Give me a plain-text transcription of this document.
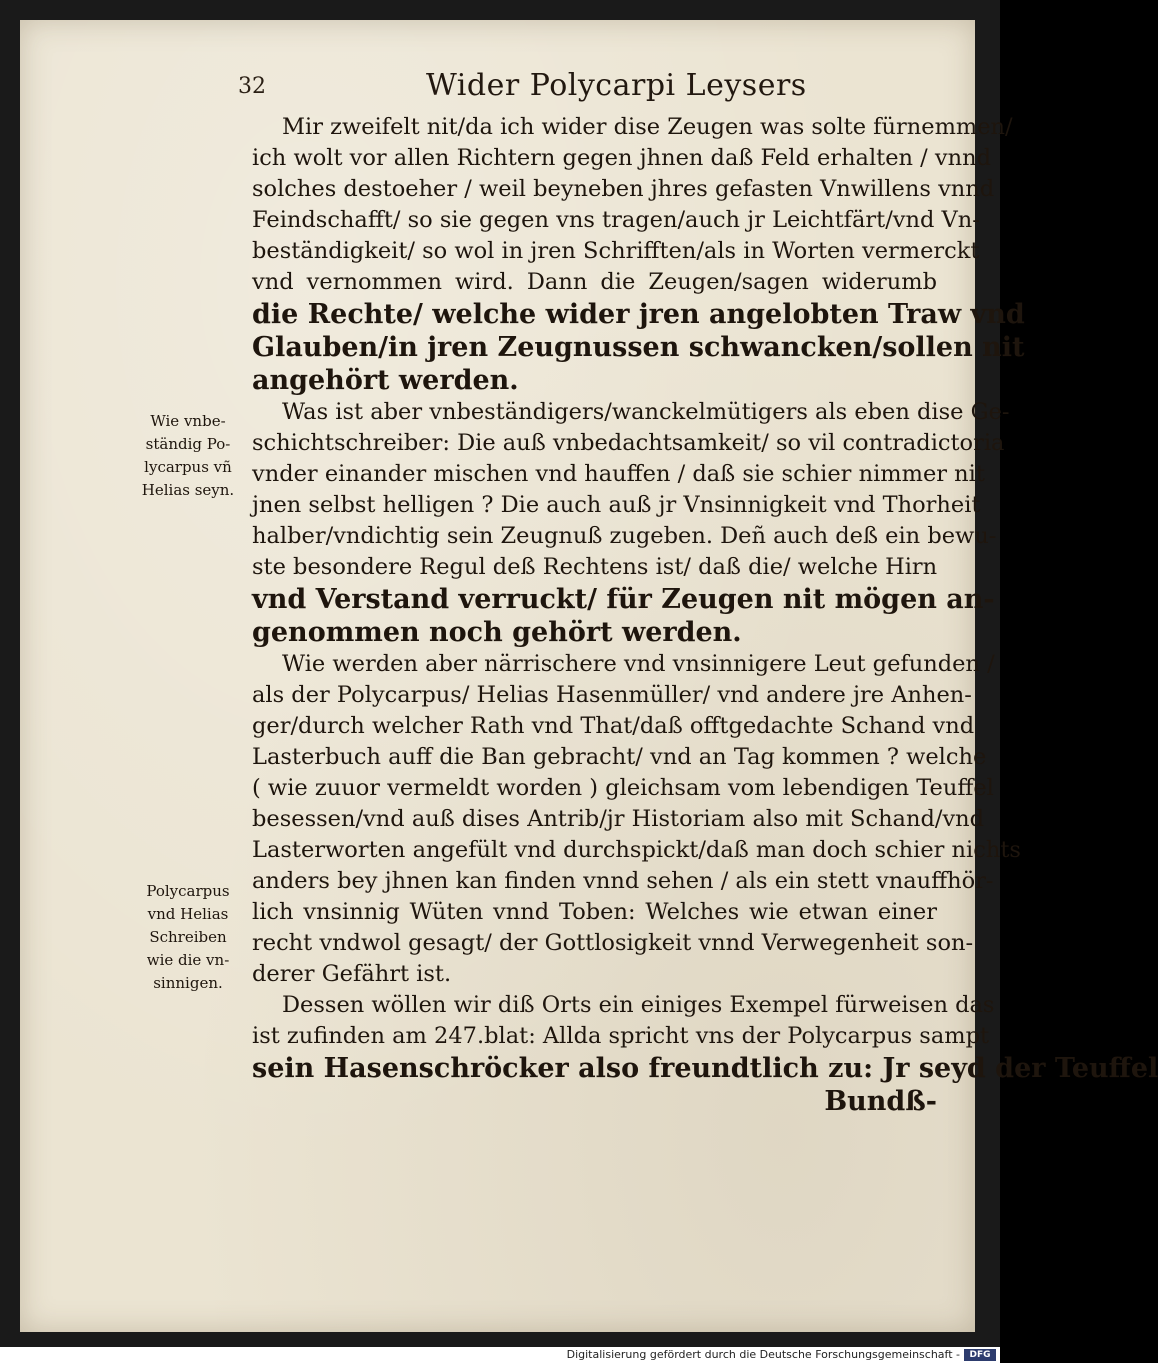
32	Wider Polycarpi Leysers
Mir zweifelt nit/da ich wider dise Zeugen was solte fürnemmen/
ich wolt vor allen Richtern gegen jhnen daß Feld erhalten / vnnd
solches destoeher / weil beyneben jhres gefasten Vnwillens vnnd
Feindschafft/ so sie gegen vns tragen/auch jr Leichtfärt/vnd Vn-
beständigkeit/ so wol in jren Schrifften/als in Worten vermerckt
vnd vernommen wird. Dann die Zeugen/sagen widerumb
die Rechte/ welche wider jren angelobten Traw vnd
Glauben/in jren Zeugnussen schwancken/sollen nit
angehört werden.
Was ist aber vnbeständigers/wanckelmütigers als eben dise Ge-
schichtschreiber: Die auß vnbedachtsamkeit/ so vil contradictoria
vnder einander mischen vnd hauffen / daß sie schier nimmer nit
jnen selbst helligen ? Die auch auß jr Vnsinnigkeit vnd Thorheit
halber/vndichtig sein Zeugnuß zugeben. Deñ auch deß ein bewu-
ste besondere Regul deß Rechtens ist/ daß die/ welche Hirn
vnd Verstand verruckt/ für Zeugen nit mögen an-
genommen noch gehört werden.
Wie werden aber närrischere vnd vnsinnigere Leut gefunden /
als der Polycarpus/ Helias Hasenmüller/ vnd andere jre Anhen-
ger/durch welcher Rath vnd That/daß offtgedachte Schand vnd
Lasterbuch auff die Ban gebracht/ vnd an Tag kommen ? welche
( wie zuuor vermeldt worden ) gleichsam vom lebendigen Teuffel
besessen/vnd auß dises Antrib/jr Historiam also mit Schand/vnd
Lasterworten angefült vnd durchspickt/daß man doch schier nichts
anders bey jhnen kan finden vnnd sehen / als ein stett vnauffhör-
lich vnsinnig Wüten vnnd Toben: Welches wie etwan einer
recht vndwol gesagt/ der Gottlosigkeit vnnd Verwegenheit son-
derer Gefährt ist.
Dessen wöllen wir diß Orts ein einiges Exempel fürweisen das
ist zufinden am 247.blat: Allda spricht vns der Polycarpus sampt
sein Hasenschröcker also freundtlich zu: Jr seyd der Teuffel
Bundß-
Wie vnbe-
ständig Po-
lycarpus vñ
Helias seyn.
Polycarpus
vnd Helias
Schreiben
wie die vn-
sinnigen.
Digitalisierung gefördert durch die Deutsche Forschungsgemeinschaft -	DFG
